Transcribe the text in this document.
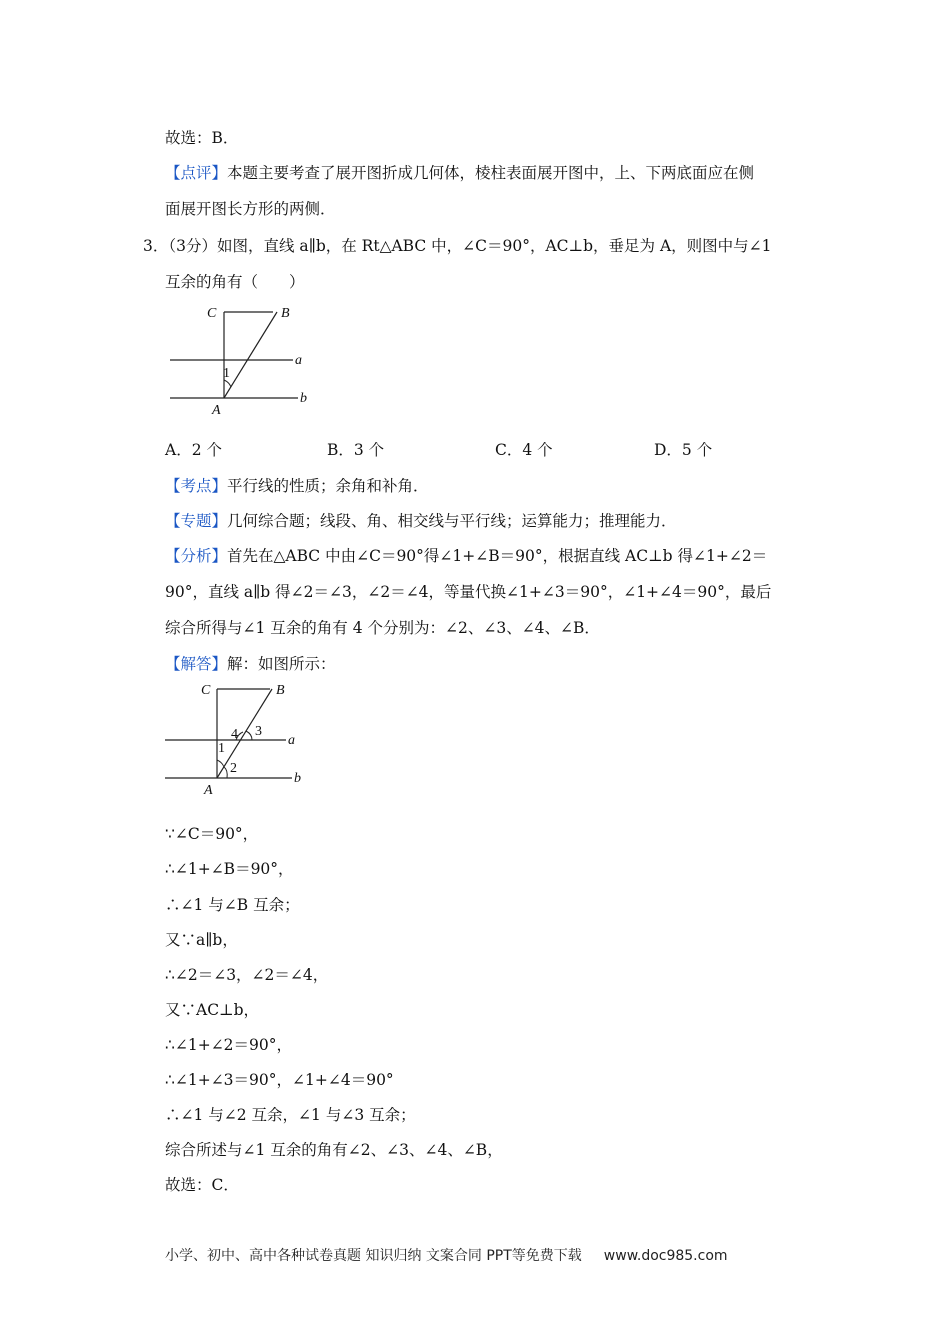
故选：B．
【点评】本题主要考查了展开图折成几何体，棱柱表面展开图中，上、下两底面应在侧
面展开图长方形的两侧．
3．（3分）如图，直线 a∥b，在 Rt△ABC 中，∠C＝90°，AC⊥b，垂足为 A，则图中与∠1
互余的角有（　　）
C	B
a
b
A
1
A．2 个	B．3 个	C．4 个	D．5 个
【考点】平行线的性质；余角和补角．
【专题】几何综合题；线段、角、相交线与平行线；运算能力；推理能力．
【分析】首先在△ABC 中由∠C＝90°得∠1+∠B＝90°，根据直线 AC⊥b 得∠1+∠2＝
90°，直线 a∥b 得∠2＝∠3，∠2＝∠4，等量代换∠1+∠3＝90°，∠1+∠4＝90°，最后
综合所得与∠1 互余的角有 4 个分别为：∠2、∠3、∠4、∠B．
【解答】解：如图所示：
C	B
a
b
A
1
2
3
4
∵∠C＝90°，
∴∠1+∠B＝90°，
∴∠1 与∠B 互余；
又∵a∥b，
∴∠2＝∠3，∠2＝∠4，
又∵AC⊥b，
∴∠1+∠2＝90°，
∴∠1+∠3＝90°，∠1+∠4＝90°
∴∠1 与∠2 互余，∠1 与∠3 互余；
综合所述与∠1 互余的角有∠2、∠3、∠4、∠B，
故选：C．
小学、初中、高中各种试卷真题 知识归纳 文案合同 PPT等免费下载 www.doc985.com
